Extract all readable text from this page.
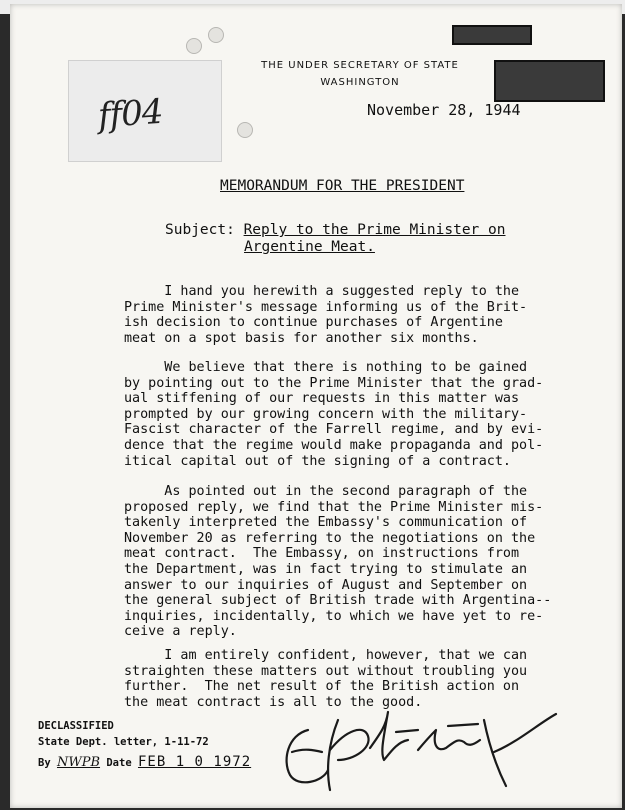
ff04
THE UNDER SECRETARY OF STATE
WASHINGTON
November 28, 1944
MEMORANDUM FOR THE PRESIDENT
Subject: Reply to the Prime Minister on
Argentine Meat.
I hand you herewith a suggested reply to the
Prime Minister's message informing us of the Brit-
ish decision to continue purchases of Argentine
meat on a spot basis for another six months.
We believe that there is nothing to be gained
by pointing out to the Prime Minister that the grad-
ual stiffening of our requests in this matter was
prompted by our growing concern with the military-
Fascist character of the Farrell regime, and by
dence that the regime would make propaganda and
itical capital out of the signing of a contract.
As pointed out in the second paragraph of the
proposed reply, we find that the Prime Minister
takenly interpreted the Embassy's communication of
November 20 as referring to the negotiations on the
meat contract.  The Embassy, on instructions from
the Department, was in fact trying to stimulate an
answer to our inquiries of August and September on
the general subject of British trade with Argentina--
inquiries, incidentally, to which we have yet to
ceive a reply.
I am entirely confident, however, that we can
straighten these matters out without troubling you
further.  The net result of the British action on
the meat contract is all to the good.
DECLASSIFIED
State Dept. letter, 1-11-72
By NWPB Date FEB 1 0 1972
